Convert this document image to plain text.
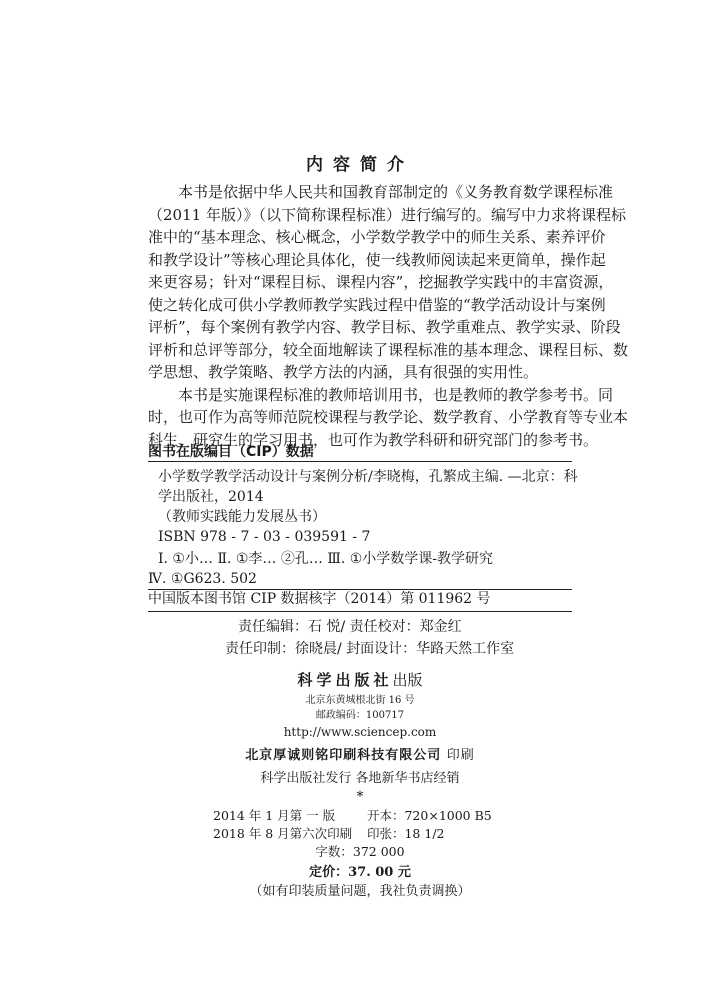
内容简介

本书是依据中华人民共和国教育部制定的《义务教育数学课程标准
（2011 年版）》（以下简称课程标准）进行编写的。编写中力求将课程标
准中的“基本理念、核心概念，小学数学教学中的师生关系、素养评价
和教学设计”等核心理论具体化，使一线教师阅读起来更简单，操作起
来更容易；针对“课程目标、课程内容”，挖掘教学实践中的丰富资源，
使之转化成可供小学教师教学实践过程中借鉴的“教学活动设计与案例
评析”，每个案例有教学内容、教学目标、教学重难点、教学实录、阶段
评析和总评等部分，较全面地解读了课程标准的基本理念、课程目标、数
学思想、教学策略、教学方法的内涵，具有很强的实用性。

本书是实施课程标准的教师培训用书，也是教师的教学参考书。同
时，也可作为高等师范院校课程与教学论、数学教育、小学教育等专业本
科生、研究生的学习用书，也可作为教学科研和研究部门的参考书。

图书在版编目（CIP）数据
小学数学教学活动设计与案例分析/李晓梅，孔繁成主编. —北京：科
学出版社，2014
（教师实践能力发展丛书）
ISBN 978 - 7 - 03 - 039591 - 7
Ⅰ. ①小… Ⅱ. ①李… ②孔… Ⅲ. ①小学数学课-教学研究
Ⅳ. ①G623. 502
中国版本图书馆 CIP 数据核字（2014）第 011962 号
责任编辑：石 悦/ 责任校对：郑金红
责任印制：徐晓晨/ 封面设计：华路天然工作室
科学出版社出版
北京东黄城根北街 16 号
邮政编码：100717
http://www.sciencep.com
北京厚诚则铭印刷科技有限公司 印刷
科学出版社发行 各地新华书店经销
*
2014 年 1 月第 一 版	开本：720×1000 B5
2018 年 8 月第六次印刷 印张：18 1/2
字数：372 000
定价：37. 00 元
（如有印装质量问题，我社负责调换）
